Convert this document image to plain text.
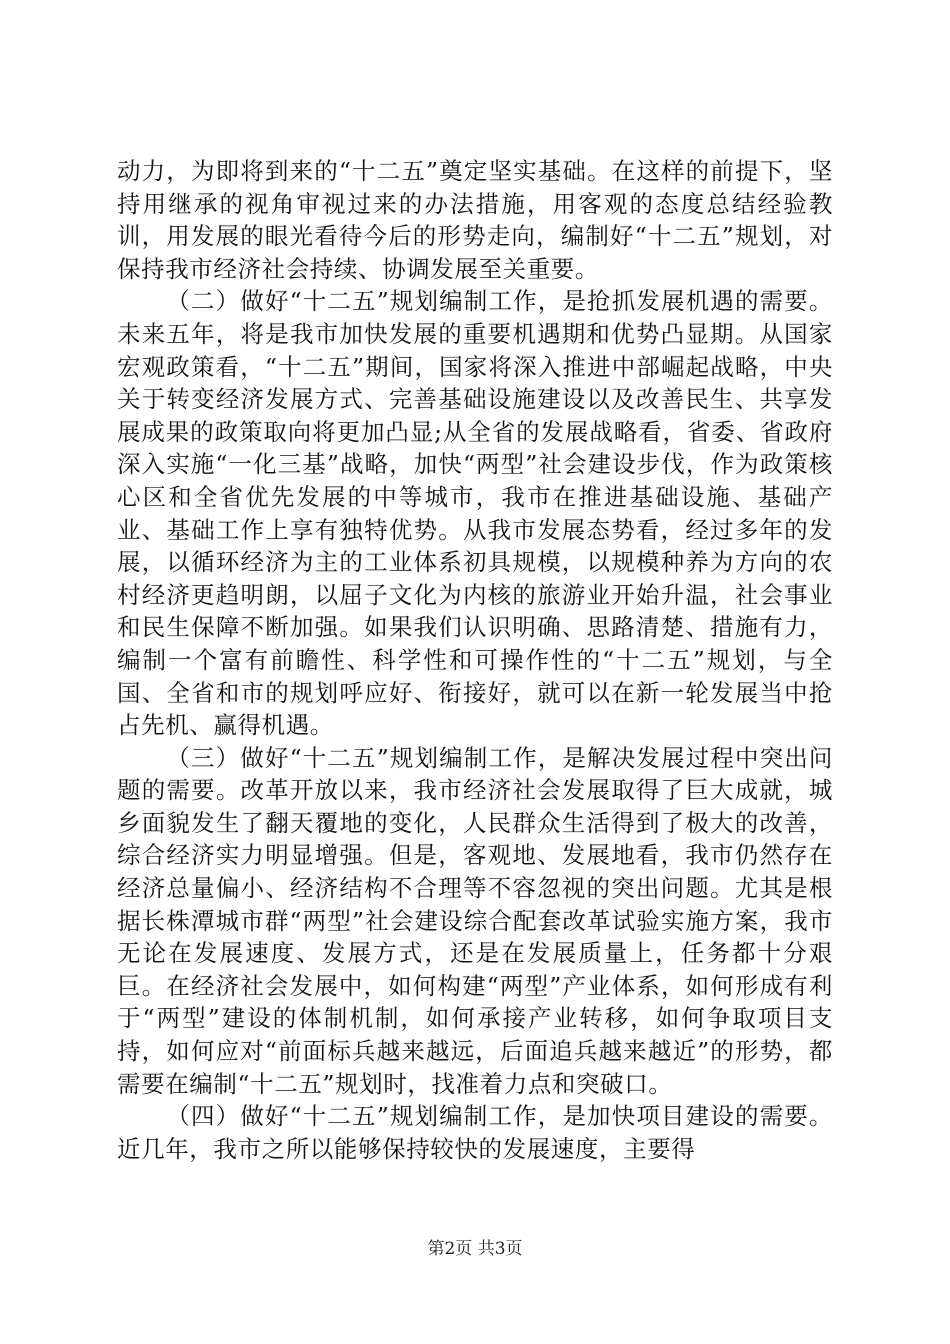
动力，为即将到来的“十二五”奠定坚实基础。在这样的前提下，坚持用继承的视角审视过来的办法措施，用客观的态度总结经验教训，用发展的眼光看待今后的形势走向，编制好“十二五”规划，对保持我市经济社会持续、协调发展至关重要。

（二）做好“十二五”规划编制工作，是抢抓发展机遇的需要。未来五年，将是我市加快发展的重要机遇期和优势凸显期。从国家宏观政策看，“十二五”期间，国家将深入推进中部崛起战略，中央关于转变经济发展方式、完善基础设施建设以及改善民生、共享发展成果的政策取向将更加凸显;从全省的发展战略看，省委、省政府深入实施“一化三基”战略，加快“两型”社会建设步伐，作为政策核心区和全省优先发展的中等城市，我市在推进基础设施、基础产业、基础工作上享有独特优势。从我市发展态势看，经过多年的发展，以循环经济为主的工业体系初具规模，以规模种养为方向的农村经济更趋明朗，以屈子文化为内核的旅游业开始升温，社会事业和民生保障不断加强。如果我们认识明确、思路清楚、措施有力，编制一个富有前瞻性、科学性和可操作性的“十二五”规划，与全国、全省和市的规划呼应好、衔接好，就可以在新一轮发展当中抢占先机、赢得机遇。

（三）做好“十二五”规划编制工作，是解决发展过程中突出问题的需要。改革开放以来，我市经济社会发展取得了巨大成就，城乡面貌发生了翻天覆地的变化，人民群众生活得到了极大的改善，综合经济实力明显增强。但是，客观地、发展地看，我市仍然存在经济总量偏小、经济结构不合理等不容忽视的突出问题。尤其是根据长株潭城市群“两型”社会建设综合配套改革试验实施方案，我市无论在发展速度、发展方式，还是在发展质量上，任务都十分艰巨。在经济社会发展中，如何构建“两型”产业体系，如何形成有利于“两型”建设的体制机制，如何承接产业转移，如何争取项目支持，如何应对“前面标兵越来越远，后面追兵越来越近”的形势，都需要在编制“十二五”规划时，找准着力点和突破口。

（四）做好“十二五”规划编制工作，是加快项目建设的需要。近几年，我市之所以能够保持较快的发展速度，主要得

第2页 共3页
